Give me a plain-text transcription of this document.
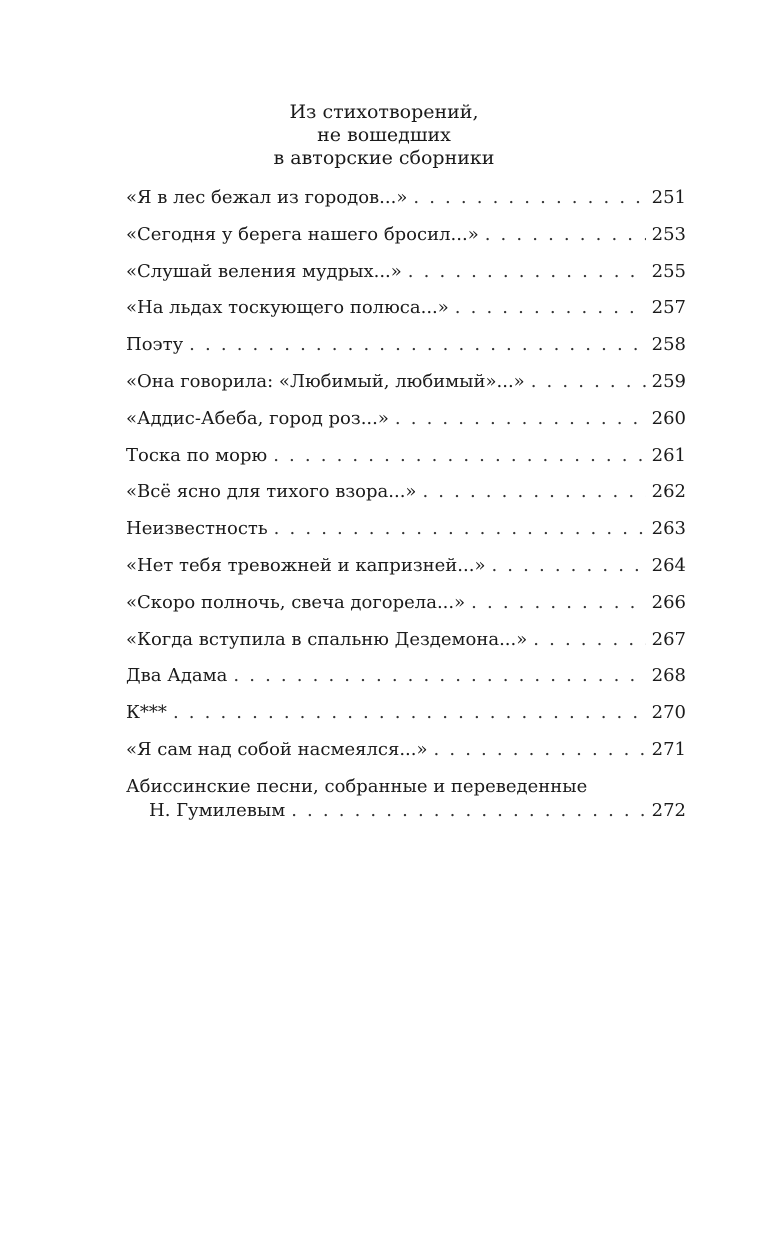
Из стихотворений,
не вошедших
в авторские сборники
«Я в лес бежал из городов...» . . .	251
«Сегодня у берега нашего бросил...» . . .	253
«Слушай веления мудрых...» . . .	255
«На льдах тоскующего полюса...» . . .	257
Поэту . . .	258
«Она говорила: «Любимый, любимый»...» . . .	259
«Аддис-Абеба, город роз...» . . .	260
Тоска по морю . . .	261
«Всё ясно для тихого взора...» . . .	262
Неизвестность . . .	263
«Нет тебя тревожней и капризней...» . . .	264
«Скоро полночь, свеча догорела...» . . .	266
«Когда вступила в спальню Дездемона...» . . .	267
Два Адама . . .	268
К*** . . .	270
«Я сам над собой насмеялся...» . . .	271
Абиссинские песни, собранные и переведенные
Н. Гумилевым . . .	272
